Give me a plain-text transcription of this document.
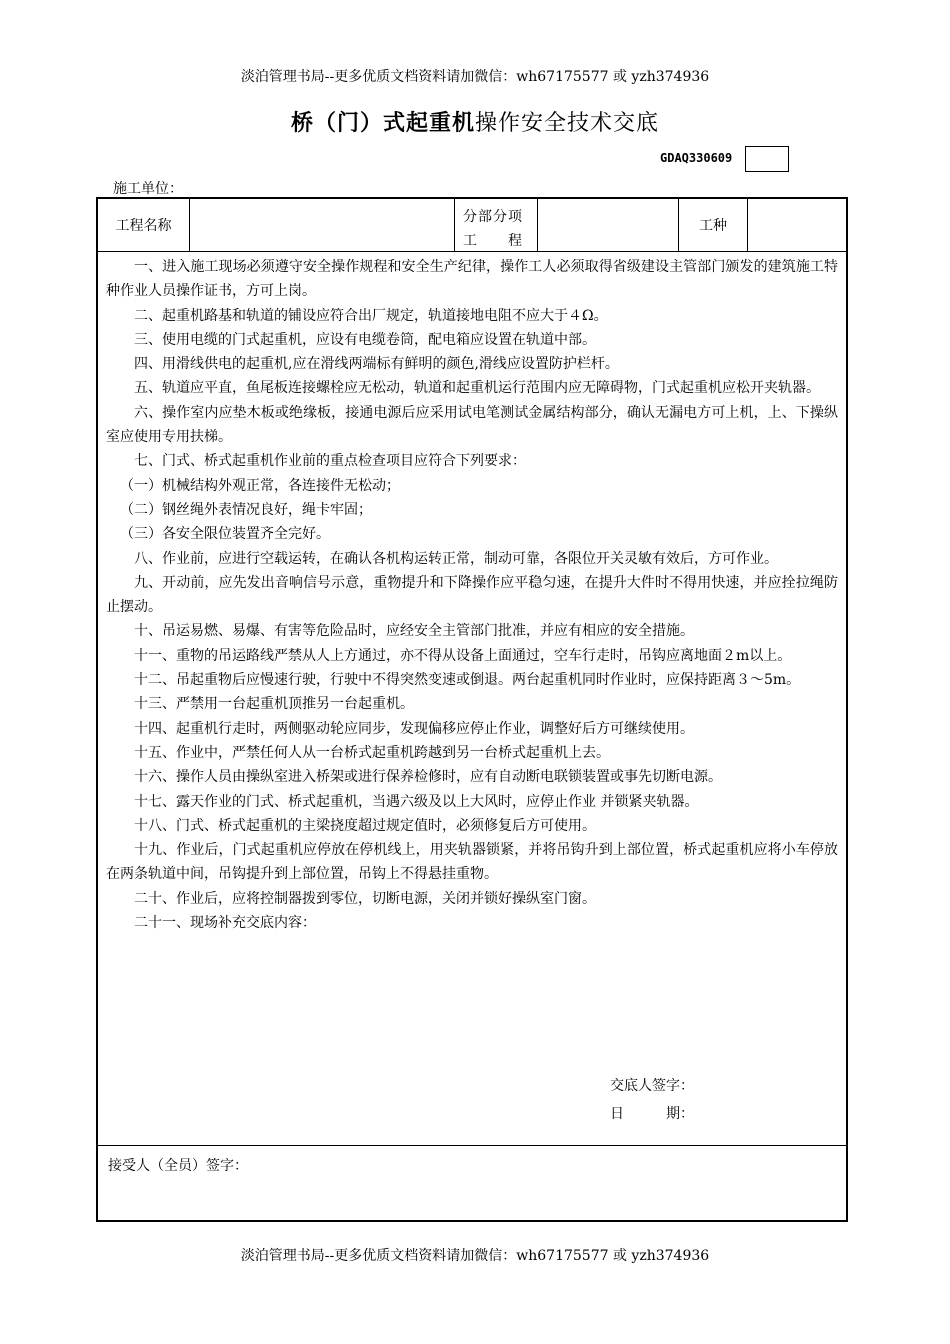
淡泊管理书局--更多优质文档资料请加微信：wh67175577 或 yzh374936
桥（门）式起重机操作安全技术交底
GDAQ330609
施工单位：
工程名称
分部分项
工　　程
工种

一、进入施工现场必须遵守安全操作规程和安全生产纪律，操作工人必须取得省级建设主管部门颁发的建筑施工特种作业人员操作证书，方可上岗。

二、起重机路基和轨道的铺设应符合出厂规定，轨道接地电阻不应大于４Ω。

三、使用电缆的门式起重机，应设有电缆卷筒，配电箱应设置在轨道中部。

四、用滑线供电的起重机,应在滑线两端标有鲜明的颜色,滑线应设置防护栏杆。

五、轨道应平直，鱼尾板连接螺栓应无松动，轨道和起重机运行范围内应无障碍物，门式起重机应松开夹轨器。

六、操作室内应垫木板或绝缘板，接通电源后应采用试电笔测试金属结构部分，确认无漏电方可上机，上、下操纵室应使用专用扶梯。

七、门式、桥式起重机作业前的重点检查项目应符合下列要求：

（一）机械结构外观正常，各连接件无松动；

（二）钢丝绳外表情况良好，绳卡牢固；

（三）各安全限位装置齐全完好。

八、作业前，应进行空载运转，在确认各机构运转正常，制动可靠，各限位开关灵敏有效后，方可作业。

九、开动前，应先发出音响信号示意，重物提升和下降操作应平稳匀速，在提升大件时不得用快速，并应拴拉绳防止摆动。

十、吊运易燃、易爆、有害等危险品时，应经安全主管部门批准，并应有相应的安全措施。

十一、重物的吊运路线严禁从人上方通过，亦不得从设备上面通过，空车行走时，吊钩应离地面２m以上。

十二、吊起重物后应慢速行驶，行驶中不得突然变速或倒退。两台起重机同时作业时，应保持距离３～5m。

十三、严禁用一台起重机顶推另一台起重机。

十四、起重机行走时，两侧驱动轮应同步，发现偏移应停止作业，调整好后方可继续使用。

十五、作业中，严禁任何人从一台桥式起重机跨越到另一台桥式起重机上去。

十六、操作人员由操纵室进入桥架或进行保养检修时，应有自动断电联锁装置或事先切断电源。

十七、露天作业的门式、桥式起重机，当遇六级及以上大风时，应停止作业 并锁紧夹轨器。

十八、门式、桥式起重机的主梁挠度超过规定值时，必须修复后方可使用。

十九、作业后，门式起重机应停放在停机线上，用夹轨器锁紧，并将吊钩升到上部位置，桥式起重机应将小车停放在两条轨道中间，吊钩提升到上部位置，吊钩上不得悬挂重物。

二十、作业后，应将控制器拨到零位，切断电源，关闭并锁好操纵室门窗。

二十一、现场补充交底内容：

交底人签字：
日	期：
接受人（全员）签字：
淡泊管理书局--更多优质文档资料请加微信：wh67175577 或 yzh374936
